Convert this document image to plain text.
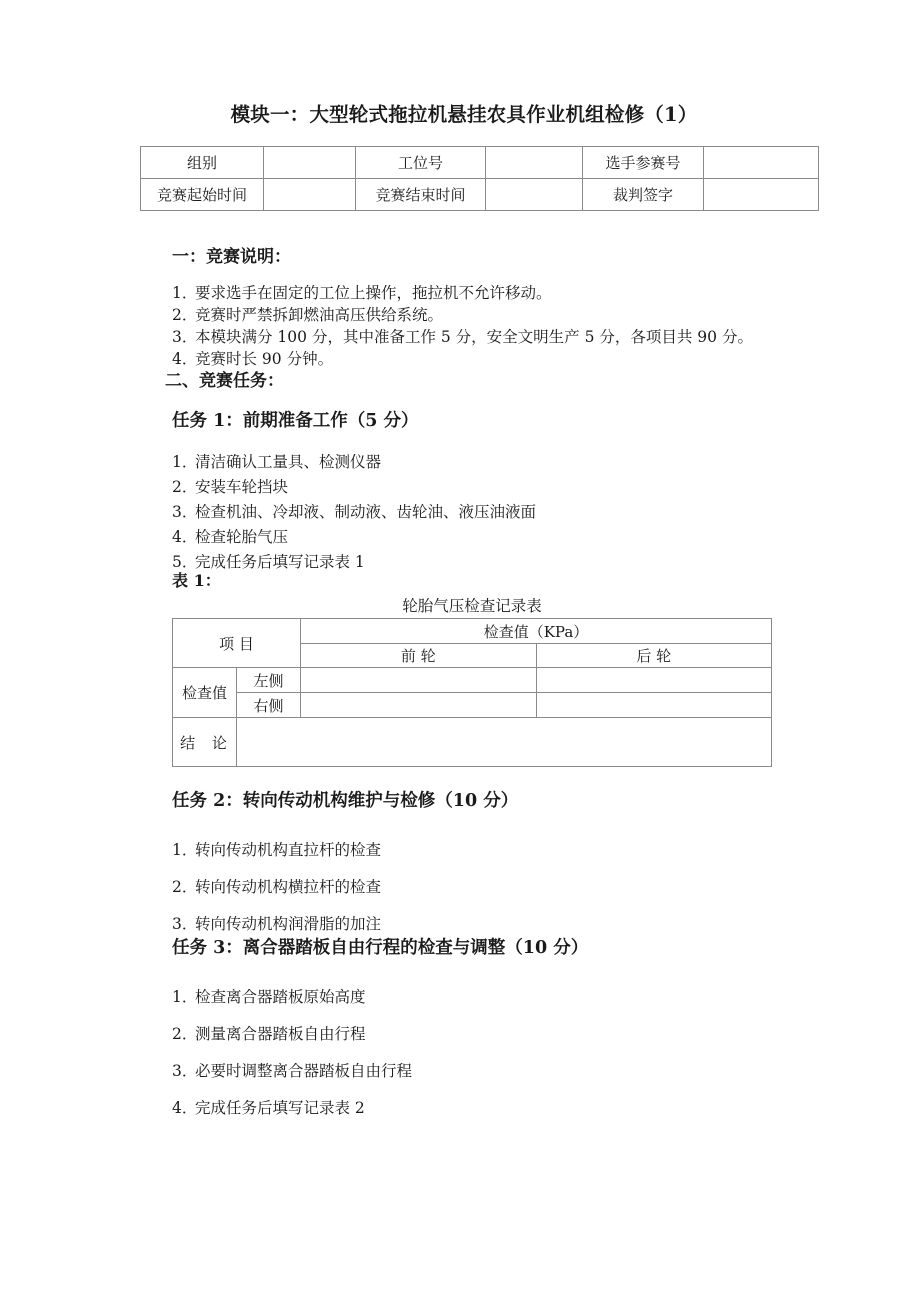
模块一：大型轮式拖拉机悬挂农具作业机组检修（1）
组别		工位号		选手参赛号	
竞赛起始时间		竞赛结束时间		裁判签字	
一：竞赛说明：
1．要求选手在固定的工位上操作，拖拉机不允许移动。
2．竞赛时严禁拆卸燃油高压供给系统。
3．本模块满分 100 分，其中准备工作 5 分，安全文明生产 5 分，各项目共 90 分。
4．竞赛时长 90 分钟。
二、竞赛任务：
任务 1：前期准备工作（5 分）
1．清洁确认工量具、检测仪器
2．安装车轮挡块
3．检查机油、冷却液、制动液、齿轮油、液压油液面
4．检查轮胎气压
5．完成任务后填写记录表 1
表 1：
轮胎气压检查记录表
项 目		检查值（KPa）	
		前 轮	后 轮
检查值	左侧		
	右侧		
结 论			
任务 2：转向传动机构维护与检修（10 分）
1．转向传动机构直拉杆的检查
2．转向传动机构横拉杆的检查
3．转向传动机构润滑脂的加注
任务 3：离合器踏板自由行程的检查与调整（10 分）
1．检查离合器踏板原始高度
2．测量离合器踏板自由行程
3．必要时调整离合器踏板自由行程
4．完成任务后填写记录表 2
